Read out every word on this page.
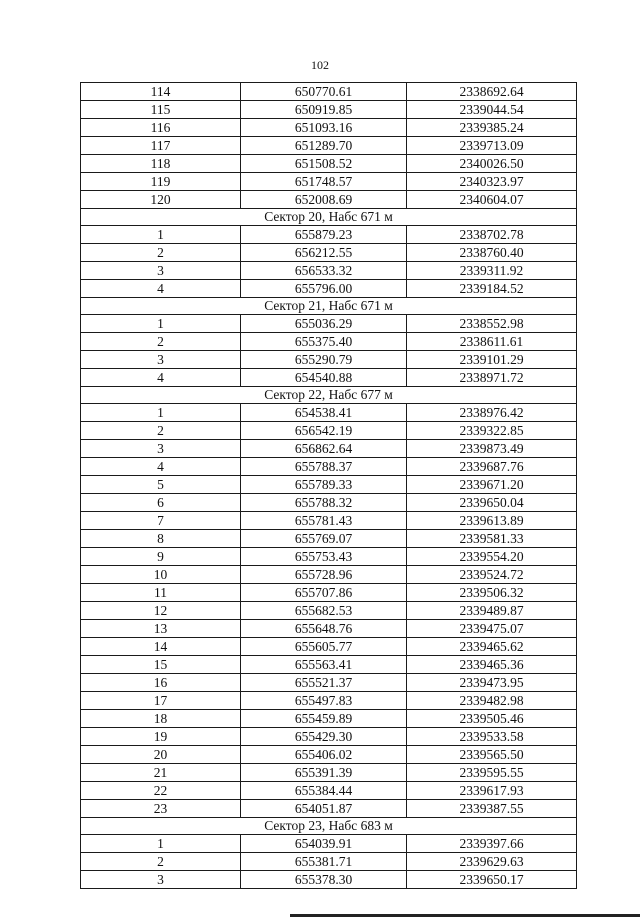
102
114	650770.61	2338692.64
115	650919.85	2339044.54
116	651093.16	2339385.24
117	651289.70	2339713.09
118	651508.52	2340026.50
119	651748.57	2340323.97
120	652008.69	2340604.07
Сектор 20, Набс 671 м		
1	655879.23	2338702.78
2	656212.55	2338760.40
3	656533.32	2339311.92
4	655796.00	2339184.52
Сектор 21, Набс 671 м		
1	655036.29	2338552.98
2	655375.40	2338611.61
3	655290.79	2339101.29
4	654540.88	2338971.72
Сектор 22, Набс 677 м		
1	654538.41	2338976.42
2	656542.19	2339322.85
3	656862.64	2339873.49
4	655788.37	2339687.76
5	655789.33	2339671.20
6	655788.32	2339650.04
7	655781.43	2339613.89
8	655769.07	2339581.33
9	655753.43	2339554.20
10	655728.96	2339524.72
11	655707.86	2339506.32
12	655682.53	2339489.87
13	655648.76	2339475.07
14	655605.77	2339465.62
15	655563.41	2339465.36
16	655521.37	2339473.95
17	655497.83	2339482.98
18	655459.89	2339505.46
19	655429.30	2339533.58
20	655406.02	2339565.50
21	655391.39	2339595.55
22	655384.44	2339617.93
23	654051.87	2339387.55
Сектор 23, Набс 683 м		
1	654039.91	2339397.66
2	655381.71	2339629.63
3	655378.30	2339650.17
